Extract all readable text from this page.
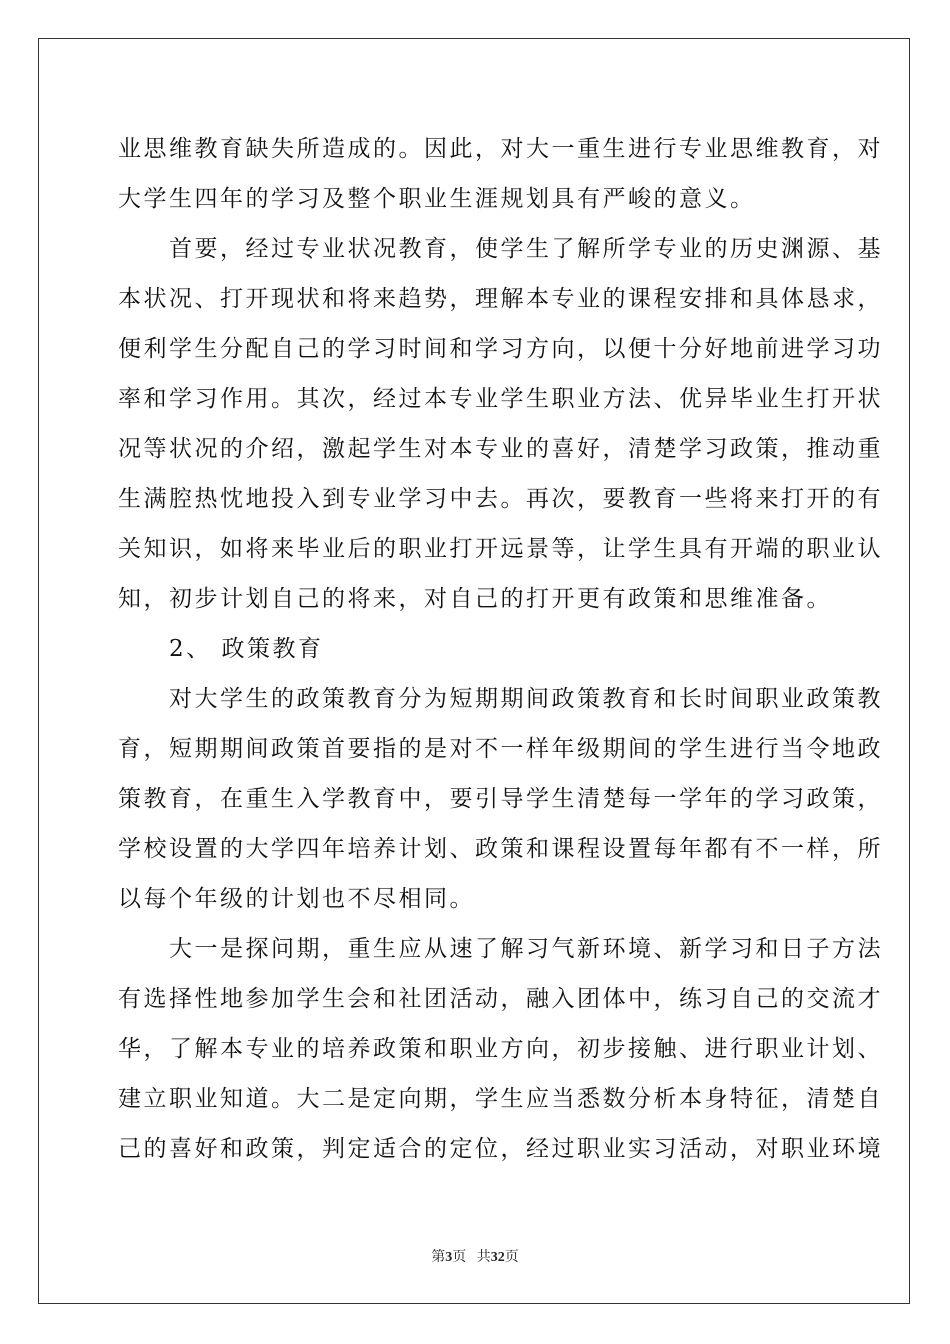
业思维教育缺失所造成的。因此，对大一重生进行专业思维教育，对
大学生四年的学习及整个职业生涯规划具有严峻的意义。
　　首要，经过专业状况教育，使学生了解所学专业的历史渊源、基
本状况、打开现状和将来趋势，理解本专业的课程安排和具体恳求，
便利学生分配自己的学习时间和学习方向，以便十分好地前进学习功
率和学习作用。其次，经过本专业学生职业方法、优异毕业生打开状
况等状况的介绍，激起学生对本专业的喜好，清楚学习政策，推动重
生满腔热忱地投入到专业学习中去。再次，要教育一些将来打开的有
关知识，如将来毕业后的职业打开远景等，让学生具有开端的职业认
知，初步计划自己的将来，对自己的打开更有政策和思维准备。
　　2、 政策教育
　　对大学生的政策教育分为短期期间政策教育和长时间职业政策教
育，短期期间政策首要指的是对不一样年级期间的学生进行当令地政
策教育，在重生入学教育中，要引导学生清楚每一学年的学习政策，
学校设置的大学四年培养计划、政策和课程设置每年都有不一样，所
以每个年级的计划也不尽相同。
　　大一是探问期，重生应从速了解习气新环境、新学习和日子方法
有选择性地参加学生会和社团活动，融入团体中，练习自己的交流才
华，了解本专业的培养政策和职业方向，初步接触、进行职业计划、
建立职业知道。大二是定向期，学生应当悉数分析本身特征，清楚自
己的喜好和政策，判定适合的定位，经过职业实习活动，对职业环境
第3页 共32页
